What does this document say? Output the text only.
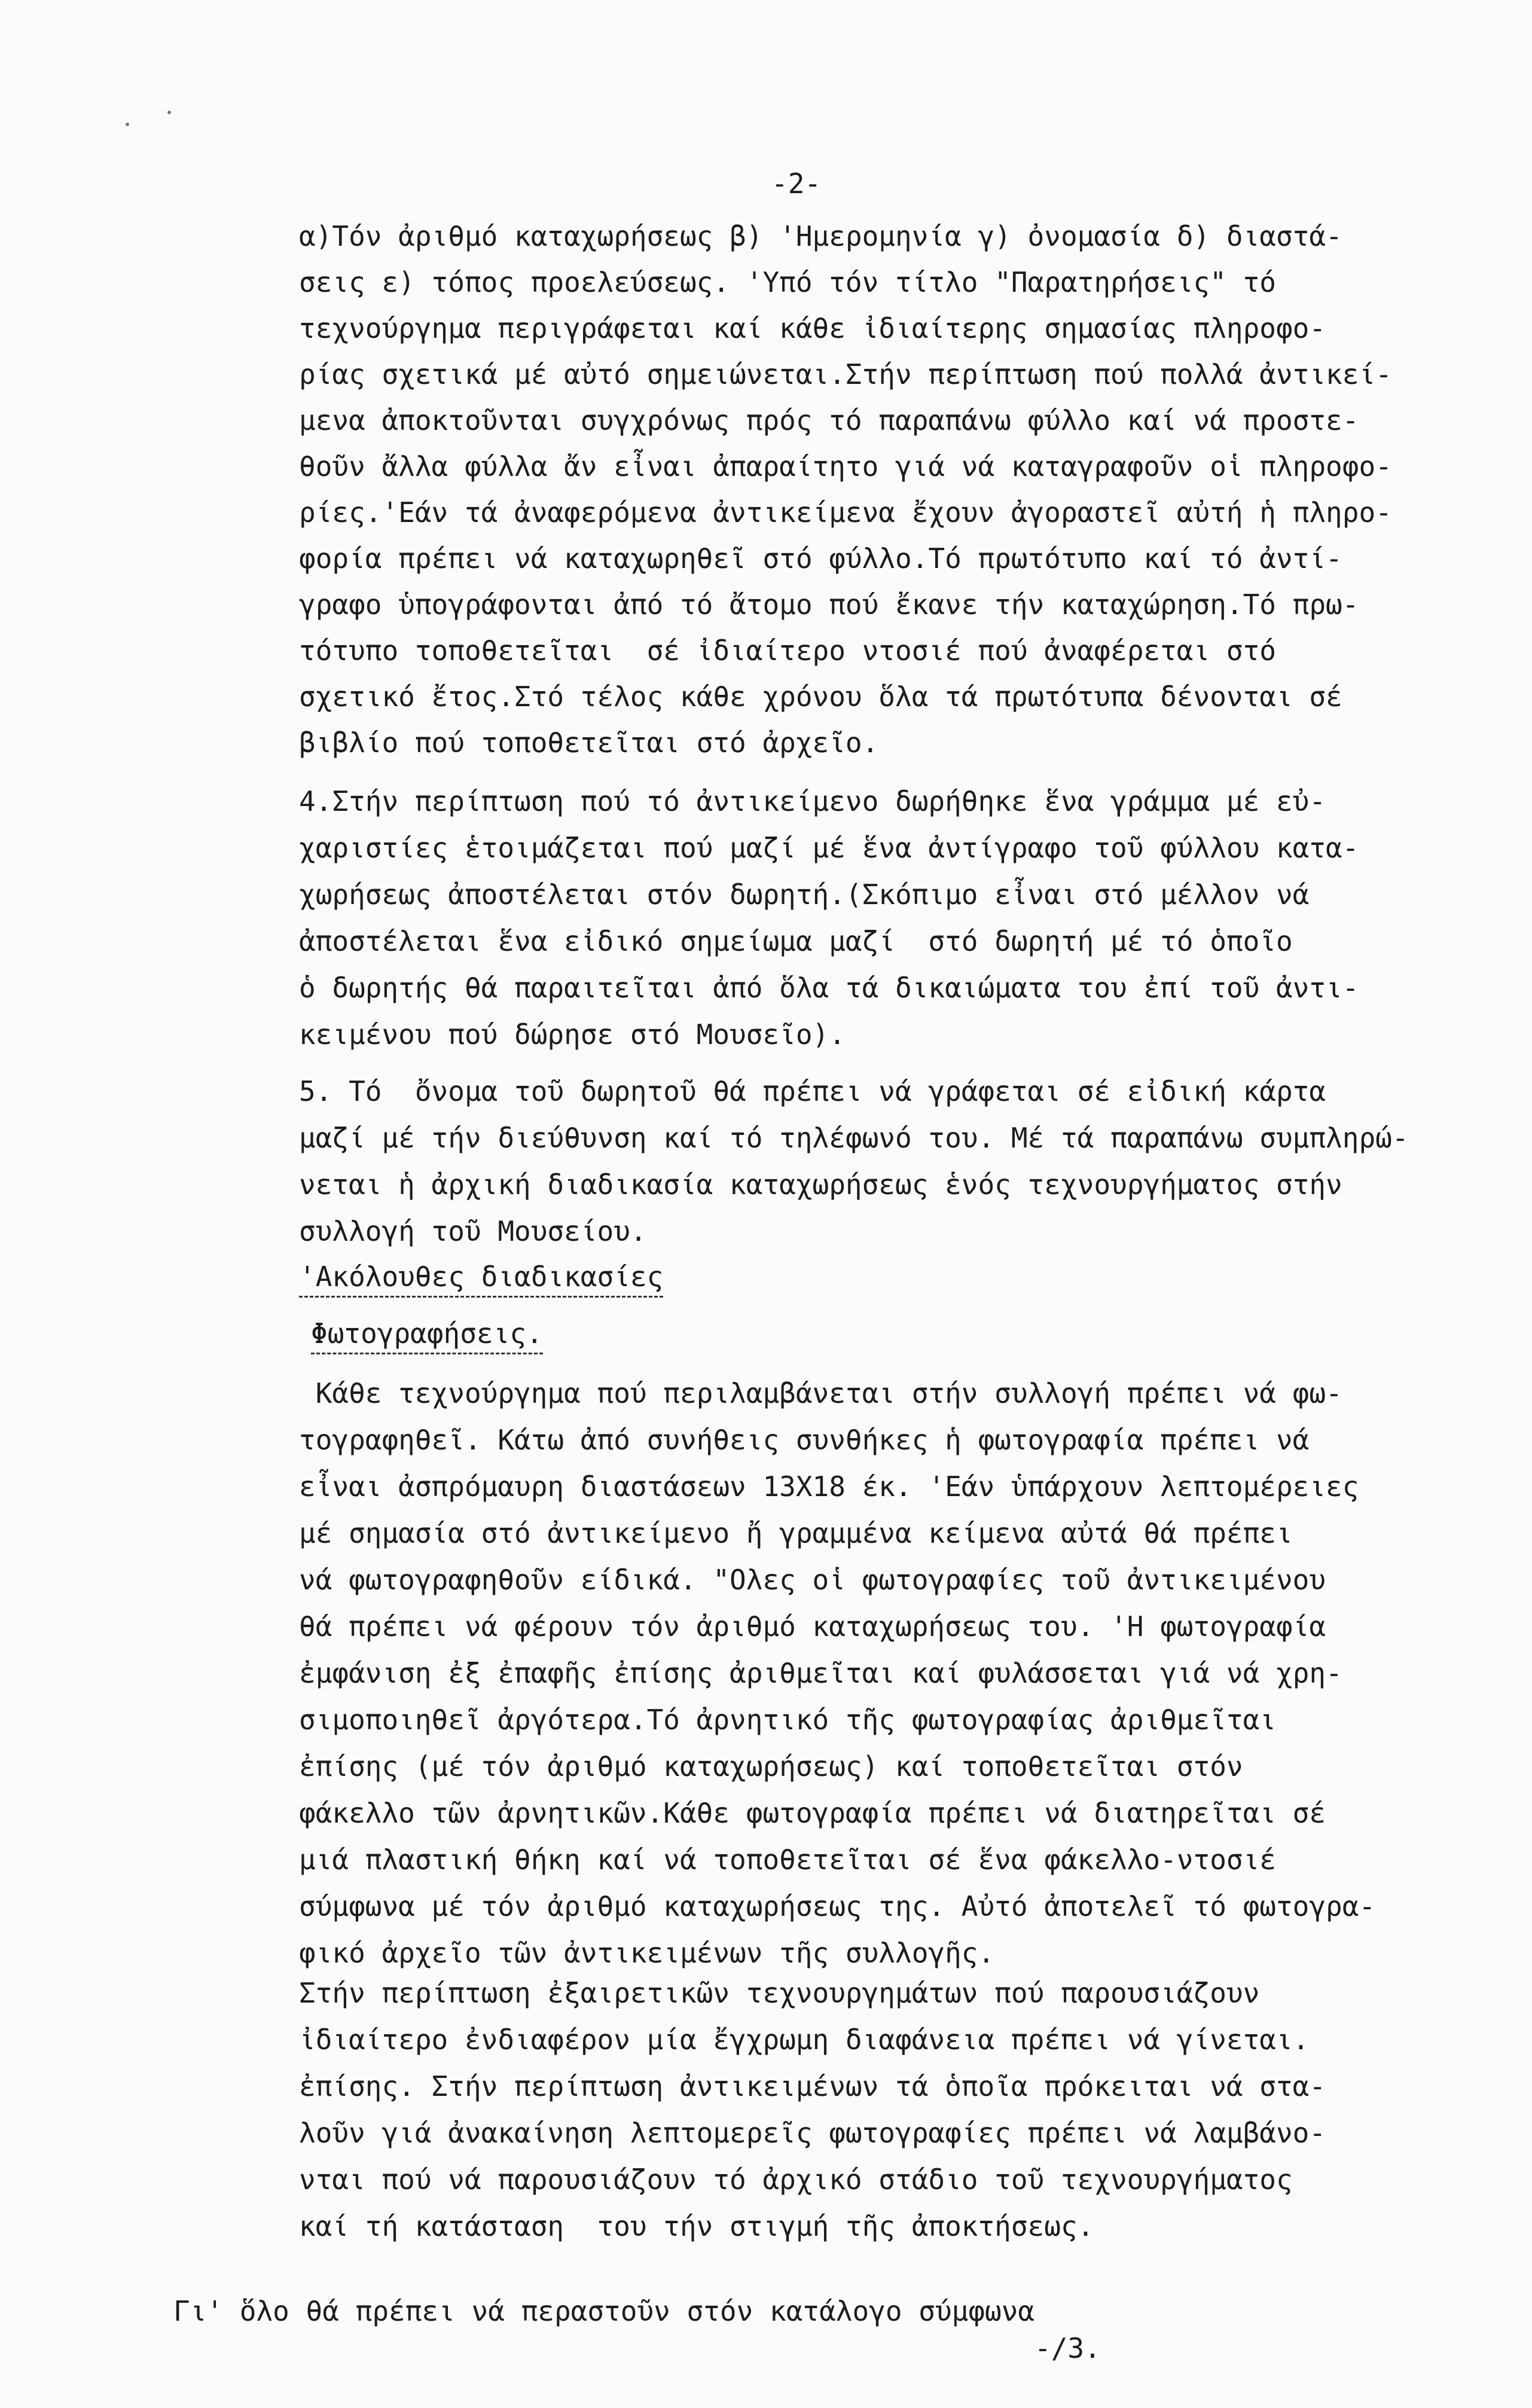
-2-

α)Τόν ἀριθμό καταχωρήσεως β) 'Ημερομηνία γ) ὀνομασία δ) διαστά-

σεις ε) τόπος προελεύσεως. 'Υπό τόν τίτλο "Παρατηρήσεις" τό

τεχνούργημα περιγράφεται καί κάθε ἰδιαίτερης σημασίας πληροφο-

ρίας σχετικά μέ αὐτό σημειώνεται.Στήν περίπτωση πού πολλά ἀντικεί-

μενα ἀποκτοῦνται συγχρόνως πρός τό παραπάνω φύλλο καί νά προστε-

θοῦν ἄλλα φύλλα ἄν εἶναι ἀπαραίτητο γιά νά καταγραφοῦν οἱ πληροφο-

ρίες.'Εάν τά ἀναφερόμενα ἀντικείμενα ἔχουν ἀγοραστεῖ αὐτή ἡ πληρο-

φορία πρέπει νά καταχωρηθεῖ στό φύλλο.Τό πρωτότυπο καί τό ἀντί-

γραφο ὑπογράφονται ἀπό τό ἄτομο πού ἔκανε τήν καταχώρηση.Τό πρω-

τότυπο τοποθετεῖται  σέ ἰδιαίτερο ντοσιέ πού ἀναφέρεται στό

σχετικό ἔτος.Στό τέλος κάθε χρόνου ὅλα τά πρωτότυπα δένονται σέ

βιβλίο πού τοποθετεῖται στό ἀρχεῖο.

4.Στήν περίπτωση πού τό ἀντικείμενο δωρήθηκε ἕνα γράμμα μέ εὐ-

χαριστίες ἑτοιμάζεται πού μαζί μέ ἕνα ἀντίγραφο τοῦ φύλλου κατα-

χωρήσεως ἀποστέλεται στόν δωρητή.(Σκόπιμο εἶναι στό μέλλον νά

ἀποστέλεται ἕνα εἰδικό σημείωμα μαζί  στό δωρητή μέ τό ὁποῖο

ὁ δωρητής θά παραιτεῖται ἀπό ὅλα τά δικαιώματα του ἐπί τοῦ ἀντι-

κειμένου πού δώρησε στό Μουσεῖο).

5. Τό  ὄνομα τοῦ δωρητοῦ θά πρέπει νά γράφεται σέ εἰδική κάρτα

μαζί μέ τήν διεύθυνση καί τό τηλέφωνό του. Μέ τά παραπάνω συμπληρώ-

νεται ἡ ἀρχική διαδικασία καταχωρήσεως ἑνός τεχνουργήματος στήν

συλλογή τοῦ Μουσείου.

'Ακόλουθες διαδικασίες

Φωτογραφήσεις.

Κάθε τεχνούργημα πού περιλαμβάνεται στήν συλλογή πρέπει νά φω-

τογραφηθεῖ. Κάτω ἀπό συνήθεις συνθήκες ἡ φωτογραφία πρέπει νά

εἶναι ἀσπρόμαυρη διαστάσεων 13Χ18 έκ. 'Εάν ὑπάρχουν λεπτομέρειες

μέ σημασία στό ἀντικείμενο ἤ γραμμένα κείμενα αὐτά θά πρέπει

νά φωτογραφηθοῦν είδικά. "Ολες οἱ φωτογραφίες τοῦ ἀντικειμένου

θά πρέπει νά φέρουν τόν ἀριθμό καταχωρήσεως του. 'Η φωτογραφία

ἐμφάνιση ἐξ ἐπαφῆς ἐπίσης ἀριθμεῖται καί φυλάσσεται γιά νά χρη-

σιμοποιηθεῖ ἀργότερα.Τό ἀρνητικό τῆς φωτογραφίας ἀριθμεῖται

ἐπίσης (μέ τόν ἀριθμό καταχωρήσεως) καί τοποθετεῖται στόν

φάκελλο τῶν ἀρνητικῶν.Κάθε φωτογραφία πρέπει νά διατηρεῖται σέ

μιά πλαστική θήκη καί νά τοποθετεῖται σέ ἕνα φάκελλο-ντοσιέ

σύμφωνα μέ τόν ἀριθμό καταχωρήσεως της. Αὐτό ἀποτελεῖ τό φωτογρα-

φικό ἀρχεῖο τῶν ἀντικειμένων τῆς συλλογῆς.

Στήν περίπτωση ἐξαιρετικῶν τεχνουργημάτων πού παρουσιάζουν

ἰδιαίτερο ἐνδιαφέρον μία ἔγχρωμη διαφάνεια πρέπει νά γίνεται.

ἐπίσης. Στήν περίπτωση ἀντικειμένων τά ὁποῖα πρόκειται νά στα-

λοῦν γιά ἀνακαίνηση λεπτομερεῖς φωτογραφίες πρέπει νά λαμβάνο-

νται πού νά παρουσιάζουν τό ἀρχικό στάδιο τοῦ τεχνουργήματος

καί τή κατάσταση  του τήν στιγμή τῆς ἀποκτήσεως.

Γι' ὅλο θά πρέπει νά περαστοῦν στόν κατάλογο σύμφωνα

-/3.
